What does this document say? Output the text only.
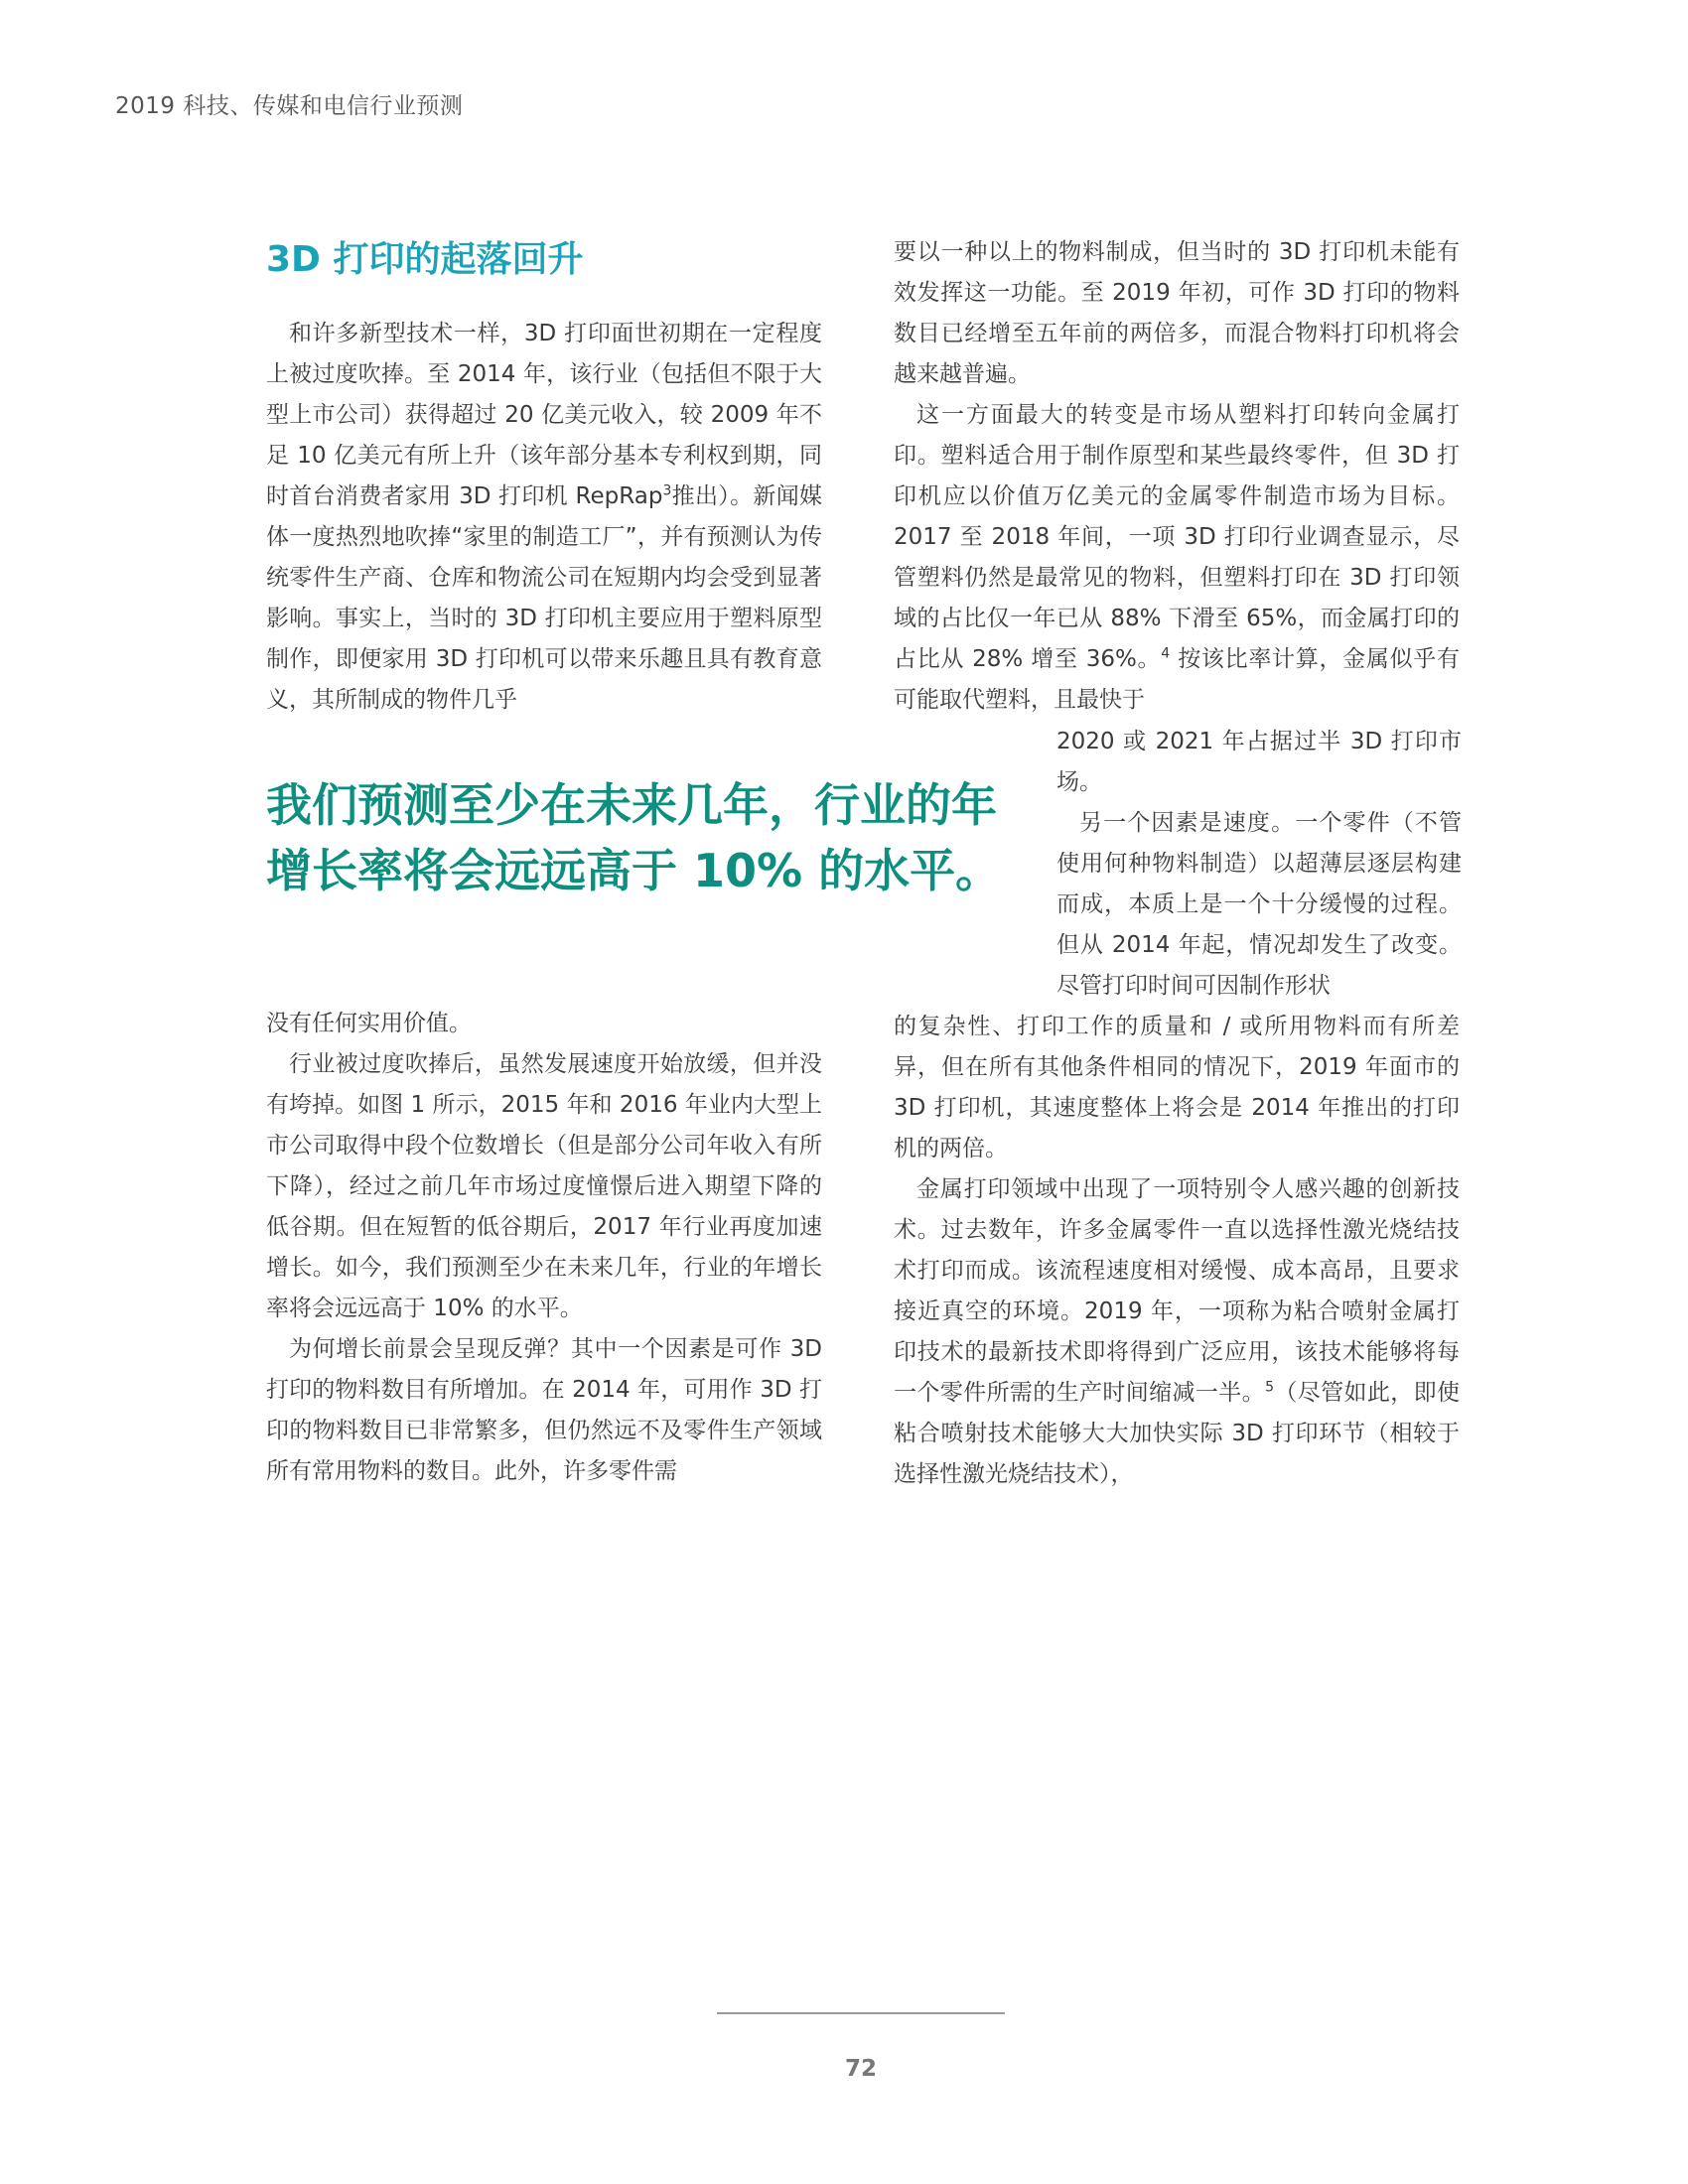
2019 科技、传媒和电信行业预测
3D 打印的起落回升

和许多新型技术一样，3D 打印面世初期在一定程度上被过度吹捧。至 2014 年，该行业（包括但不限于大型上市公司）获得超过 20 亿美元收入，较 2009 年不足 10 亿美元有所上升（该年部分基本专利权到期，同时首台消费者家用 3D 打印机 RepRap$^3$推出）。新闻媒体一度热烈地吹捧“家里的制造工厂”，并有预测认为传统零件生产商、仓库和物流公司在短期内均会受到显著影响。事实上，当时的 3D 打印机主要应用于塑料原型制作，即便家用 3D 打印机可以带来乐趣且具有教育意义，其所制成的物件几乎

我们预测至少在未来几年，行业的年增长率将会远远高于 10% 的水平。

没有任何实用价值。

行业被过度吹捧后，虽然发展速度开始放缓，但并没有垮掉。如图 1 所示，2015 年和 2016 年业内大型上市公司取得中段个位数增长（但是部分公司年收入有所下降），经过之前几年市场过度憧憬后进入期望下降的低谷期。但在短暂的低谷期后，2017 年行业再度加速增长。如今，我们预测至少在未来几年，行业的年增长率将会远远高于 10% 的水平。

为何增长前景会呈现反弹？其中一个因素是可作 3D 打印的物料数目有所增加。在 2014 年，可用作 3D 打印的物料数目已非常繁多，但仍然远不及零件生产领域所有常用物料的数目。此外，许多零件需

要以一种以上的物料制成，但当时的 3D 打印机未能有效发挥这一功能。至 2019 年初，可作 3D 打印的物料数目已经增至五年前的两倍多，而混合物料打印机将会越来越普遍。

这一方面最大的转变是市场从塑料打印转向金属打印。塑料适合用于制作原型和某些最终零件，但 3D 打印机应以价值万亿美元的金属零件制造市场为目标。2017 至 2018 年间，一项 3D 打印行业调查显示，尽管塑料仍然是最常见的物料，但塑料打印在 3D 打印领域的占比仅一年已从 88% 下滑至 65%，而金属打印的占比从 28% 增至 36%。$^4$ 按该比率计算，金属似乎有可能取代塑料，且最快于

2020 或 2021 年占据过半 3D 打印市场。

另一个因素是速度。一个零件（不管使用何种物料制造）以超薄层逐层构建而成，本质上是一个十分缓慢的过程。但从 2014 年起，情况却发生了改变。尽管打印时间可因制作形状

的复杂性、打印工作的质量和 / 或所用物料而有所差异，但在所有其他条件相同的情况下，2019 年面市的 3D 打印机，其速度整体上将会是 2014 年推出的打印机的两倍。

金属打印领域中出现了一项特别令人感兴趣的创新技术。过去数年，许多金属零件一直以选择性激光烧结技术打印而成。该流程速度相对缓慢、成本高昂，且要求接近真空的环境。2019 年，一项称为粘合喷射金属打印技术的最新技术即将得到广泛应用，该技术能够将每一个零件所需的生产时间缩减一半。$^5$（尽管如此，即使粘合喷射技术能够大大加快实际 3D 打印环节（相较于选择性激光烧结技术），

72
